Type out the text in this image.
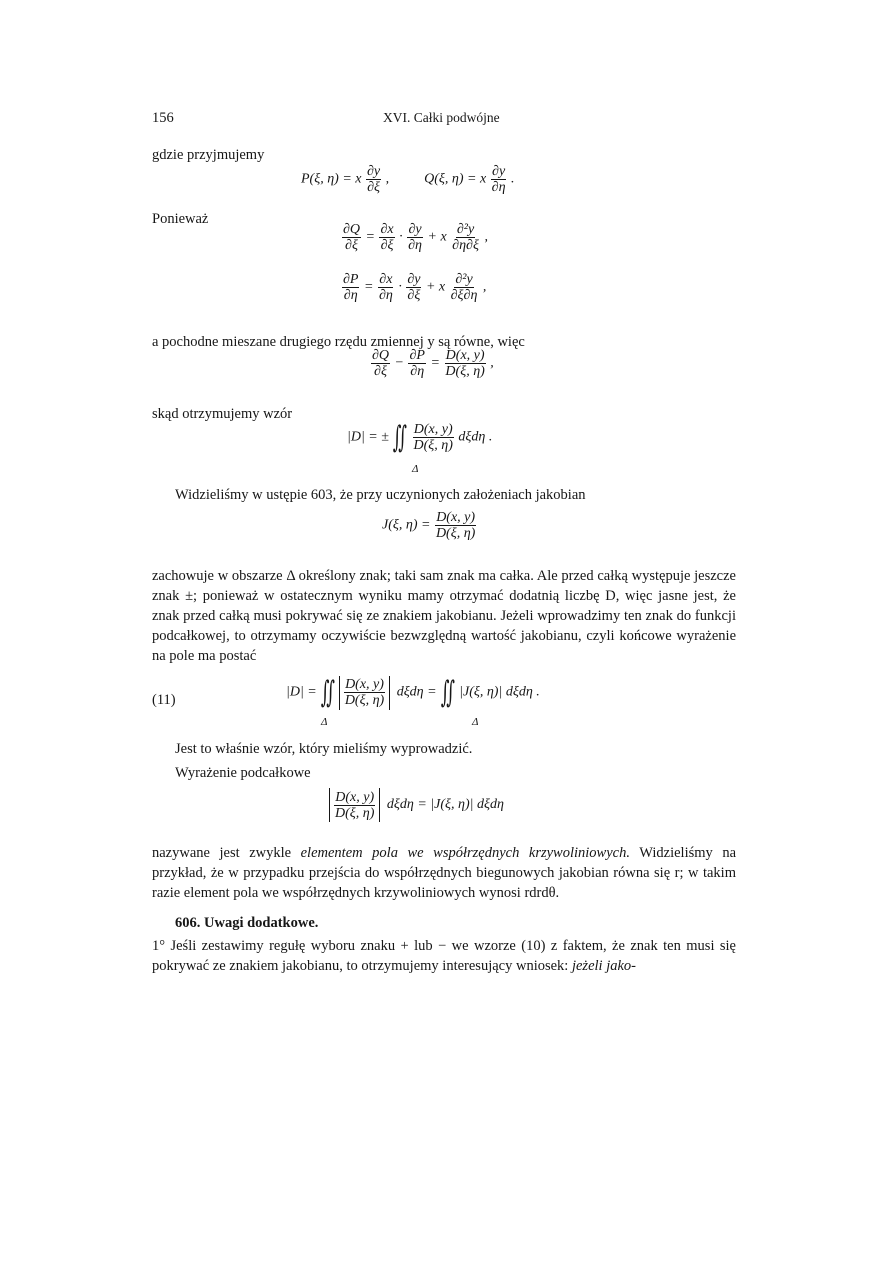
156	XVI. Całki podwójne
gdzie przyjmujemy
P(ξ, η) = x $\frac{\partial y}{\partial\xi}$ ,  Q(ξ, η) = x $\frac{\partial y}{\partial\eta}$ .
Ponieważ
$\frac{\partial Q}{\partial\xi} = \frac{\partial x}{\partial\xi} \cdot \frac{\partial y}{\partial\eta} + x \frac{\text{∂²y}}{\partial\eta\partial\xi}$ ,
$\frac{\partial P}{\partial\eta} = \frac{\partial x}{\partial\eta} \cdot \frac{\partial y}{\partial\xi} + x \frac{\text{∂²y}}{\partial\xi\partial\eta}$ ,
a pochodne mieszane drugiego rzędu zmiennej y są równe, więc
$\frac{\partial Q}{\partial\xi} - \frac{\partial P}{\partial\eta} = \frac{D(x, y)}{D(\xi, \eta)}$ ,
skąd otrzymujemy wzór
|D| = ± ∬ $\frac{D(x, y)}{D(\xi, \eta)}$ dξdη .
Δ
Widzieliśmy w ustępie 603, że przy uczynionych założeniach jakobian
J(ξ, $\eta) = \frac{D(x, y)}{D(\xi, \eta)}$
zachowuje w obszarze Δ określony znak; taki sam znak ma całka. Ale przed całką występuje jeszcze znak ±; ponieważ w ostatecznym wyniku mamy otrzymać dodatnią liczbę D, więc jasne jest, że znak przed całką musi pokrywać się ze znakiem jakobianu. Jeżeli wprowadzimy ten znak do funkcji podcałkowej, to otrzymamy oczywiście bezwzględną wartość jakobianu, czyli końcowe wyrażenie na pole ma postać
(11)	|D| = ∬ $\frac{D(x, y)}{D(\xi, \eta)}$ dξdη = ∬ |J(ξ, η)| dξdη .
Δ	Δ
Jest to właśnie wzór, który mieliśmy wyprowadzić.
Wyrażenie podcałkowe
$\frac{D(x, y)}{D(\xi, \eta)}$ dξdη = |J(ξ, η)| dξdη
nazywane jest zwykle elementem pola we współrzędnych krzywoliniowych. Widzieliśmy na przykład, że w przypadku przejścia do współrzędnych biegunowych jakobian równa się r; w takim razie element pola we współrzędnych krzywoliniowych wynosi rdrdθ.
606. Uwagi dodatkowe.
1° Jeśli zestawimy regułę wyboru znaku + lub − we wzorze (10) z faktem, że znak ten musi się pokrywać ze znakiem jakobianu, to otrzymujemy interesujący wniosek: jeżeli jako-
